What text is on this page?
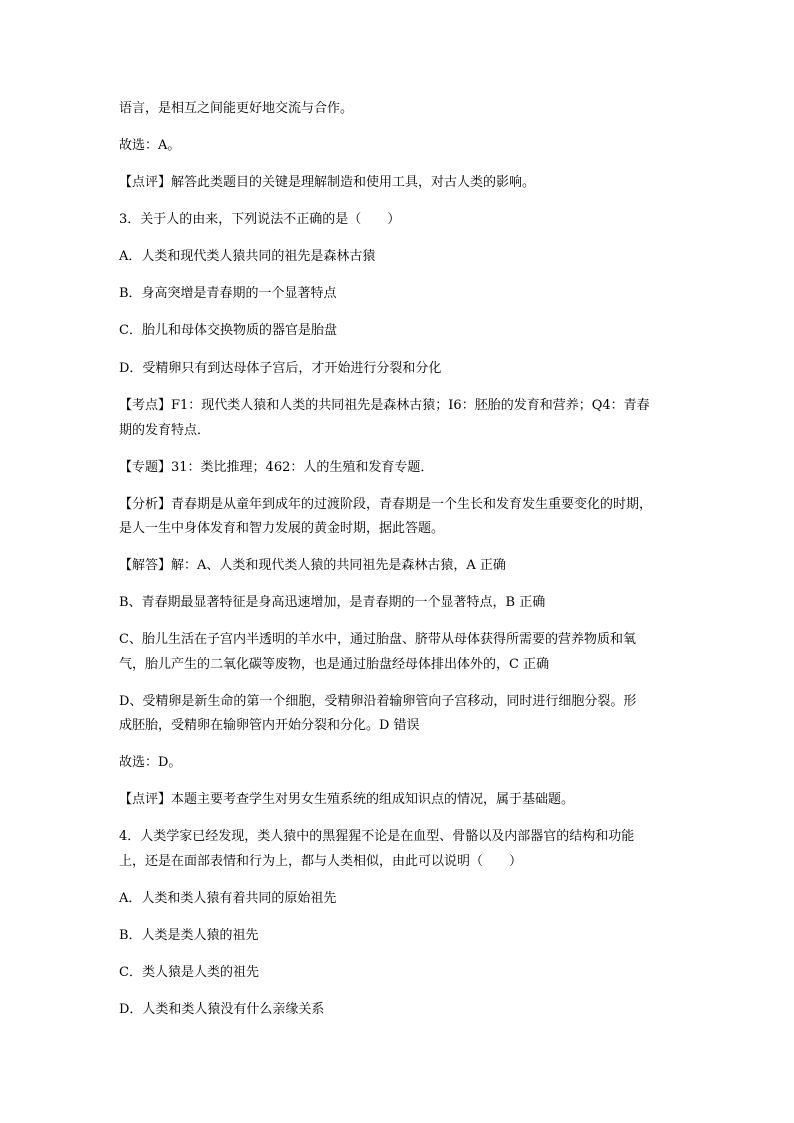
语言，是相互之间能更好地交流与合作。
故选：A。
【点评】解答此类题目的关键是理解制造和使用工具，对古人类的影响。
3．关于人的由来，下列说法不正确的是（　　）
A．人类和现代类人猿共同的祖先是森林古猿
B．身高突增是青春期的一个显著特点
C．胎儿和母体交换物质的器官是胎盘
D．受精卵只有到达母体子宫后，才开始进行分裂和分化
【考点】F1：现代类人猿和人类的共同祖先是森林古猿；I6：胚胎的发育和营养；Q4：青春
期的发育特点．
【专题】31：类比推理；462：人的生殖和发育专题．
【分析】青春期是从童年到成年的过渡阶段，青春期是一个生长和发育发生重要变化的时期，
是人一生中身体发育和智力发展的黄金时期，据此答题。
【解答】解：A、人类和现代类人猿的共同祖先是森林古猿，A 正确
B、青春期最显著特征是身高迅速增加，是青春期的一个显著特点，B 正确
C、胎儿生活在子宫内半透明的羊水中，通过胎盘、脐带从母体获得所需要的营养物质和氧
气，胎儿产生的二氧化碳等废物，也是通过胎盘经母体排出体外的，C 正确
D、受精卵是新生命的第一个细胞，受精卵沿着输卵管向子宫移动，同时进行细胞分裂。形
成胚胎，受精卵在输卵管内开始分裂和分化。D 错误
故选：D。
【点评】本题主要考查学生对男女生殖系统的组成知识点的情况，属于基础题。
4．人类学家已经发现，类人猿中的黑猩猩不论是在血型、骨骼以及内部器官的结构和功能
上，还是在面部表情和行为上，都与人类相似，由此可以说明（　　）
A．人类和类人猿有着共同的原始祖先
B．人类是类人猿的祖先
C．类人猿是人类的祖先
D．人类和类人猿没有什么亲缘关系
